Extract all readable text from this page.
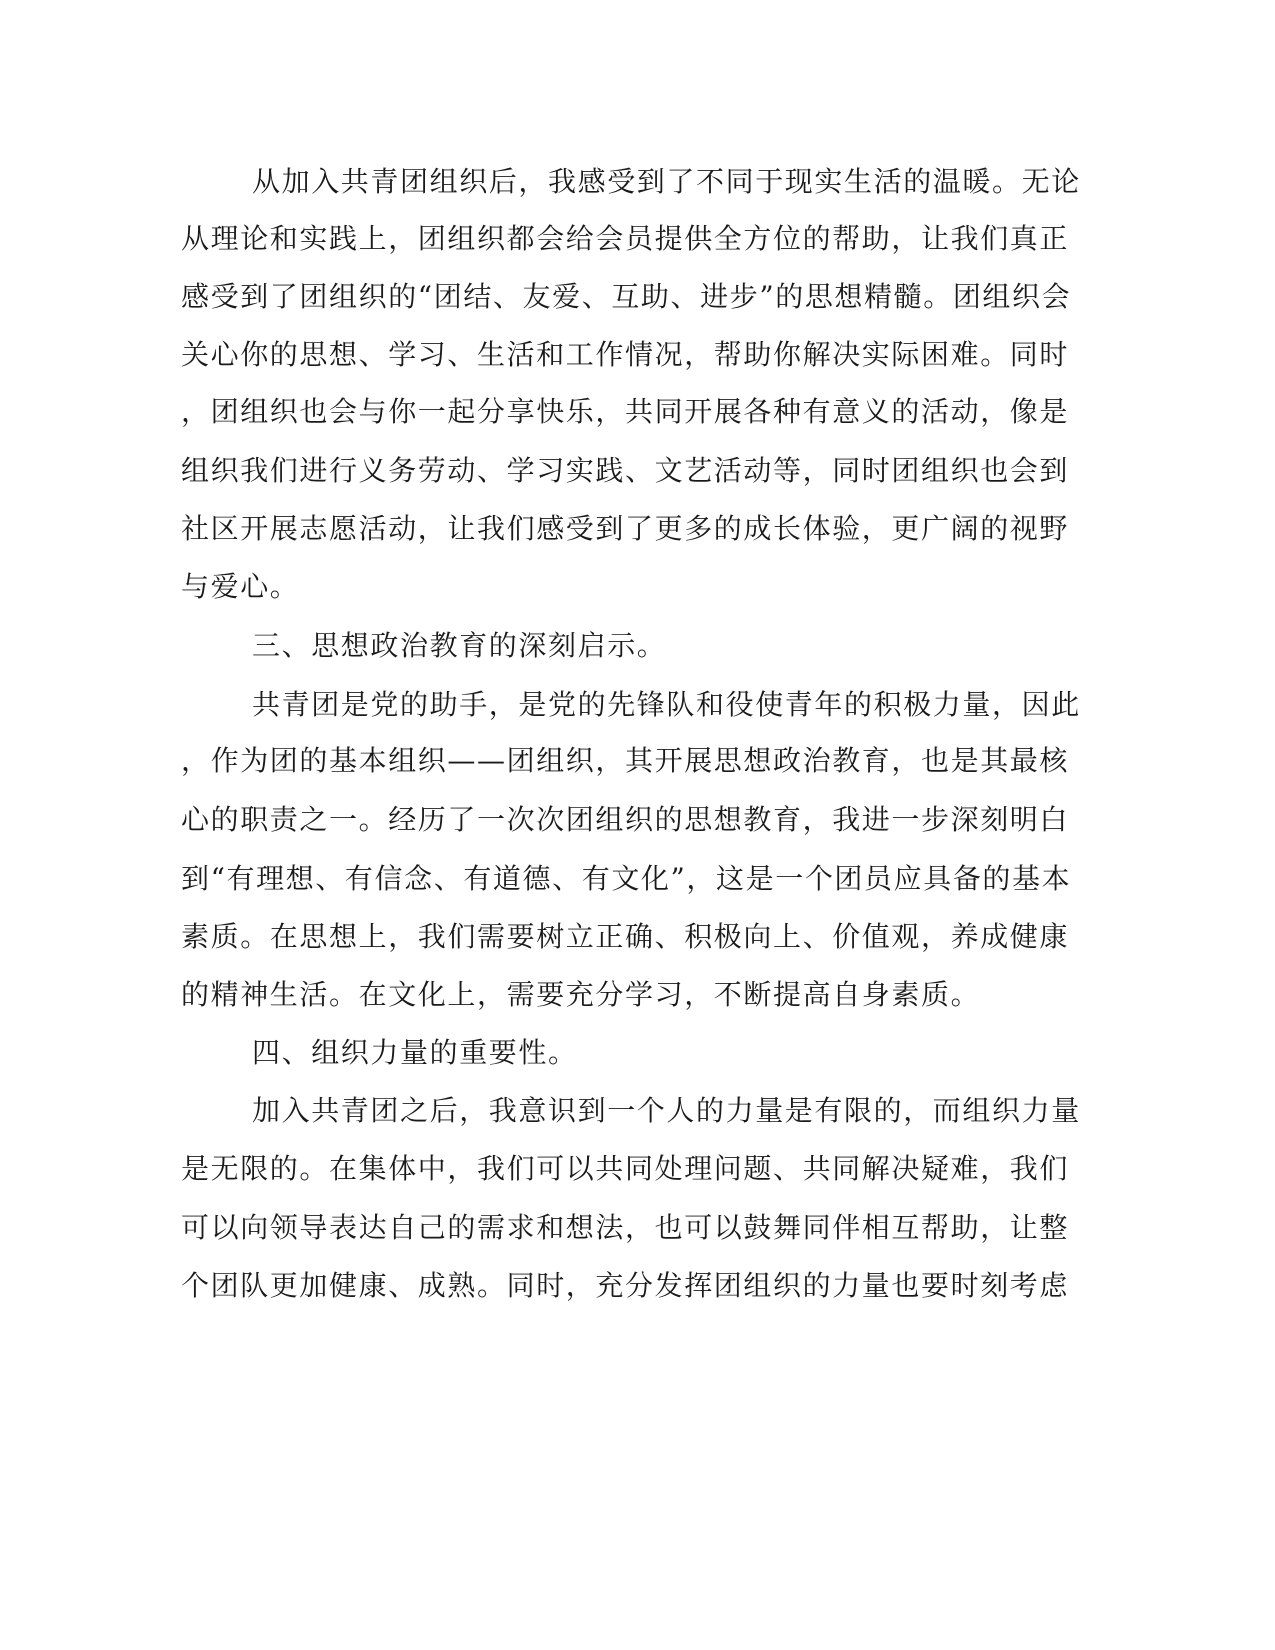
从加入共青团组织后，我感受到了不同于现实生活的温暖。无论
从理论和实践上，团组织都会给会员提供全方位的帮助，让我们真正
感受到了团组织的“团结、友爱、互助、进步”的思想精髓。团组织会
关心你的思想、学习、生活和工作情况，帮助你解决实际困难。同时
，团组织也会与你一起分享快乐，共同开展各种有意义的活动，像是
组织我们进行义务劳动、学习实践、文艺活动等，同时团组织也会到
社区开展志愿活动，让我们感受到了更多的成长体验，更广阔的视野
与爱心。
三、思想政治教育的深刻启示。
共青团是党的助手，是党的先锋队和役使青年的积极力量，因此
，作为团的基本组织——团组织，其开展思想政治教育，也是其最核
心的职责之一。经历了一次次团组织的思想教育，我进一步深刻明白
到“有理想、有信念、有道德、有文化”，这是一个团员应具备的基本
素质。在思想上，我们需要树立正确、积极向上、价值观，养成健康
的精神生活。在文化上，需要充分学习，不断提高自身素质。
四、组织力量的重要性。
加入共青团之后，我意识到一个人的力量是有限的，而组织力量
是无限的。在集体中，我们可以共同处理问题、共同解决疑难，我们
可以向领导表达自己的需求和想法，也可以鼓舞同伴相互帮助，让整
个团队更加健康、成熟。同时，充分发挥团组织的力量也要时刻考虑
